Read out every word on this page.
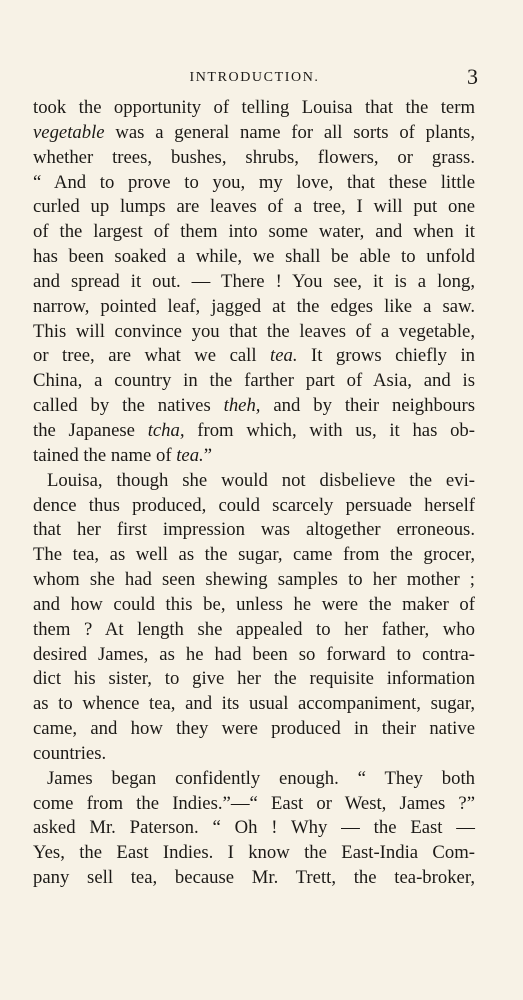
INTRODUCTION.	3
took the opportunity of telling Louisa that the term
vegetable was a general name for all sorts of plants,
whether trees, bushes, shrubs, flowers, or grass.
“ And to prove to you, my love, that these little
curled up lumps are leaves of a tree, I will put one
of the largest of them into some water, and when it
has been soaked a while, we shall be able to unfold
and spread it out. — There ! You see, it is a long,
narrow, pointed leaf, jagged at the edges like a saw.
This will convince you that the leaves of a vegetable,
or tree, are what we call tea. It grows chiefly in
China, a country in the farther part of Asia, and is
called by the natives theh, and by their neighbours
the Japanese tcha, from which, with us, it has ob-
tained the name of tea.”
Louisa, though she would not disbelieve the evi-
dence thus produced, could scarcely persuade herself
that her first impression was altogether erroneous.
The tea, as well as the sugar, came from the grocer,
whom she had seen shewing samples to her mother ;
and how could this be, unless he were the maker of
them ? At length she appealed to her father, who
desired James, as he had been so forward to contra-
dict his sister, to give her the requisite information
as to whence tea, and its usual accompaniment, sugar,
came, and how they were produced in their native
countries.
James began confidently enough. “ They both
come from the Indies.”—“ East or West, James ?”
asked Mr. Paterson. “ Oh ! Why — the East —
Yes, the East Indies. I know the East-India Com-
pany sell tea, because Mr. Trett, the tea-broker,
